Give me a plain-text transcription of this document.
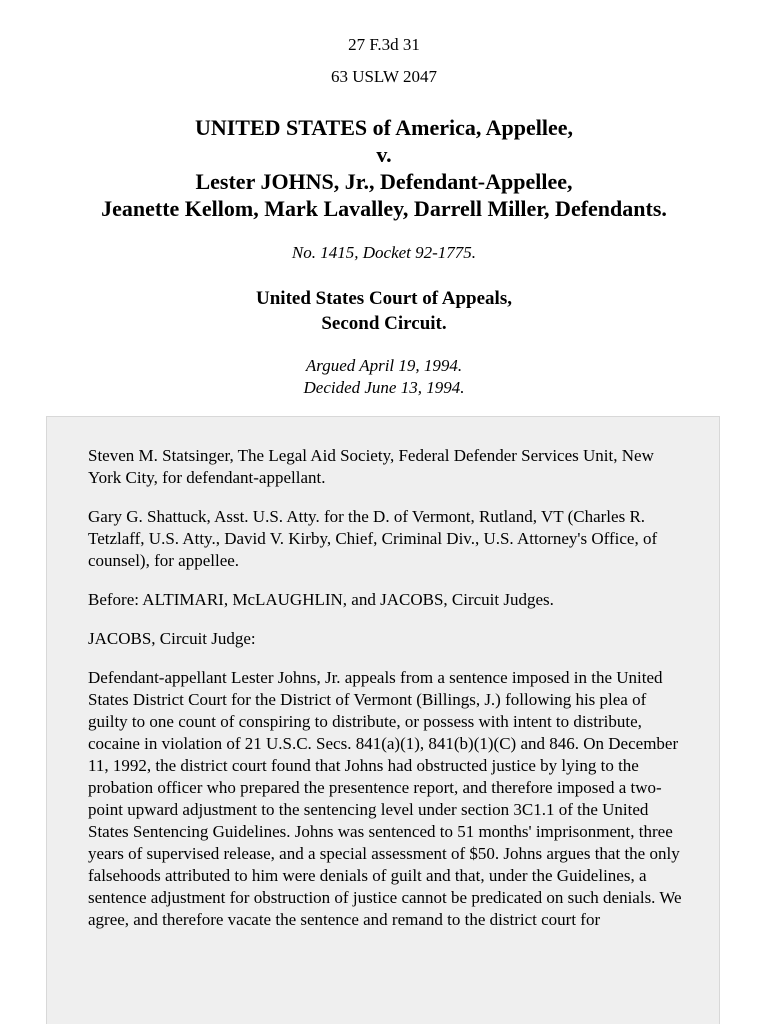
27 F.3d 31
63 USLW 2047
UNITED STATES of America, Appellee,
v.
Lester JOHNS, Jr., Defendant-Appellee,
Jeanette Kellom, Mark Lavalley, Darrell Miller, Defendants.
No. 1415, Docket 92-1775.
United States Court of Appeals,
Second Circuit.
Argued April 19, 1994.
Decided June 13, 1994.

Steven M. Statsinger, The Legal Aid Society, Federal Defender Services Unit, New York City, for defendant-appellant.

Gary G. Shattuck, Asst. U.S. Atty. for the D. of Vermont, Rutland, VT (Charles R. Tetzlaff, U.S. Atty., David V. Kirby, Chief, Criminal Div., U.S. Attorney's Office, of counsel), for appellee.

Before: ALTIMARI, McLAUGHLIN, and JACOBS, Circuit Judges.

JACOBS, Circuit Judge:

Defendant-appellant Lester Johns, Jr. appeals from a sentence imposed in the United States District Court for the District of Vermont (Billings, J.) following his plea of guilty to one count of conspiring to distribute, or possess with intent to distribute, cocaine in violation of 21 U.S.C. Secs. 841(a)(1), 841(b)(1)(C) and 846. On December 11, 1992, the district court found that Johns had obstructed justice by lying to the probation officer who prepared the presentence report, and therefore imposed a two-point upward adjustment to the sentencing level under section 3C1.1 of the United States Sentencing Guidelines. Johns was sentenced to 51 months' imprisonment, three years of supervised release, and a special assessment of $50. Johns argues that the only falsehoods attributed to him were denials of guilt and that, under the Guidelines, a sentence adjustment for obstruction of justice cannot be predicated on such denials. We agree, and therefore vacate the sentence and remand to the district court for
